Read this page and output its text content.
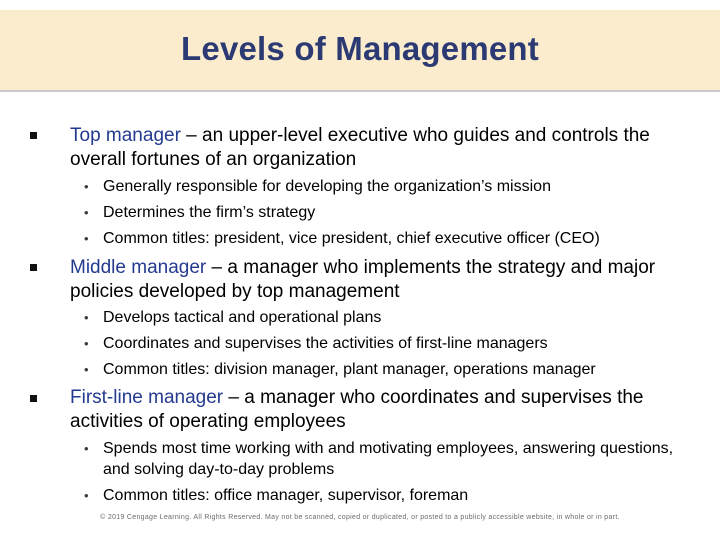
Levels of Management
Top manager – an upper-level executive who guides and controls the overall fortunes of an organization
• Generally responsible for developing the organization’s mission
• Determines the firm’s strategy
• Common titles: president, vice president, chief executive officer (CEO)
Middle manager – a manager who implements the strategy and major policies developed by top management
• Develops tactical and operational plans
• Coordinates and supervises the activities of first-line managers
• Common titles: division manager, plant manager, operations manager
First-line manager – a manager who coordinates and supervises the activities of operating employees
• Spends most time working with and motivating employees, answering questions, and solving day-to-day problems
• Common titles: office manager, supervisor, foreman
© 2019 Cengage Learning. All Rights Reserved. May not be scanned, copied or duplicated, or posted to a publicly accessible website, in whole or in part.
